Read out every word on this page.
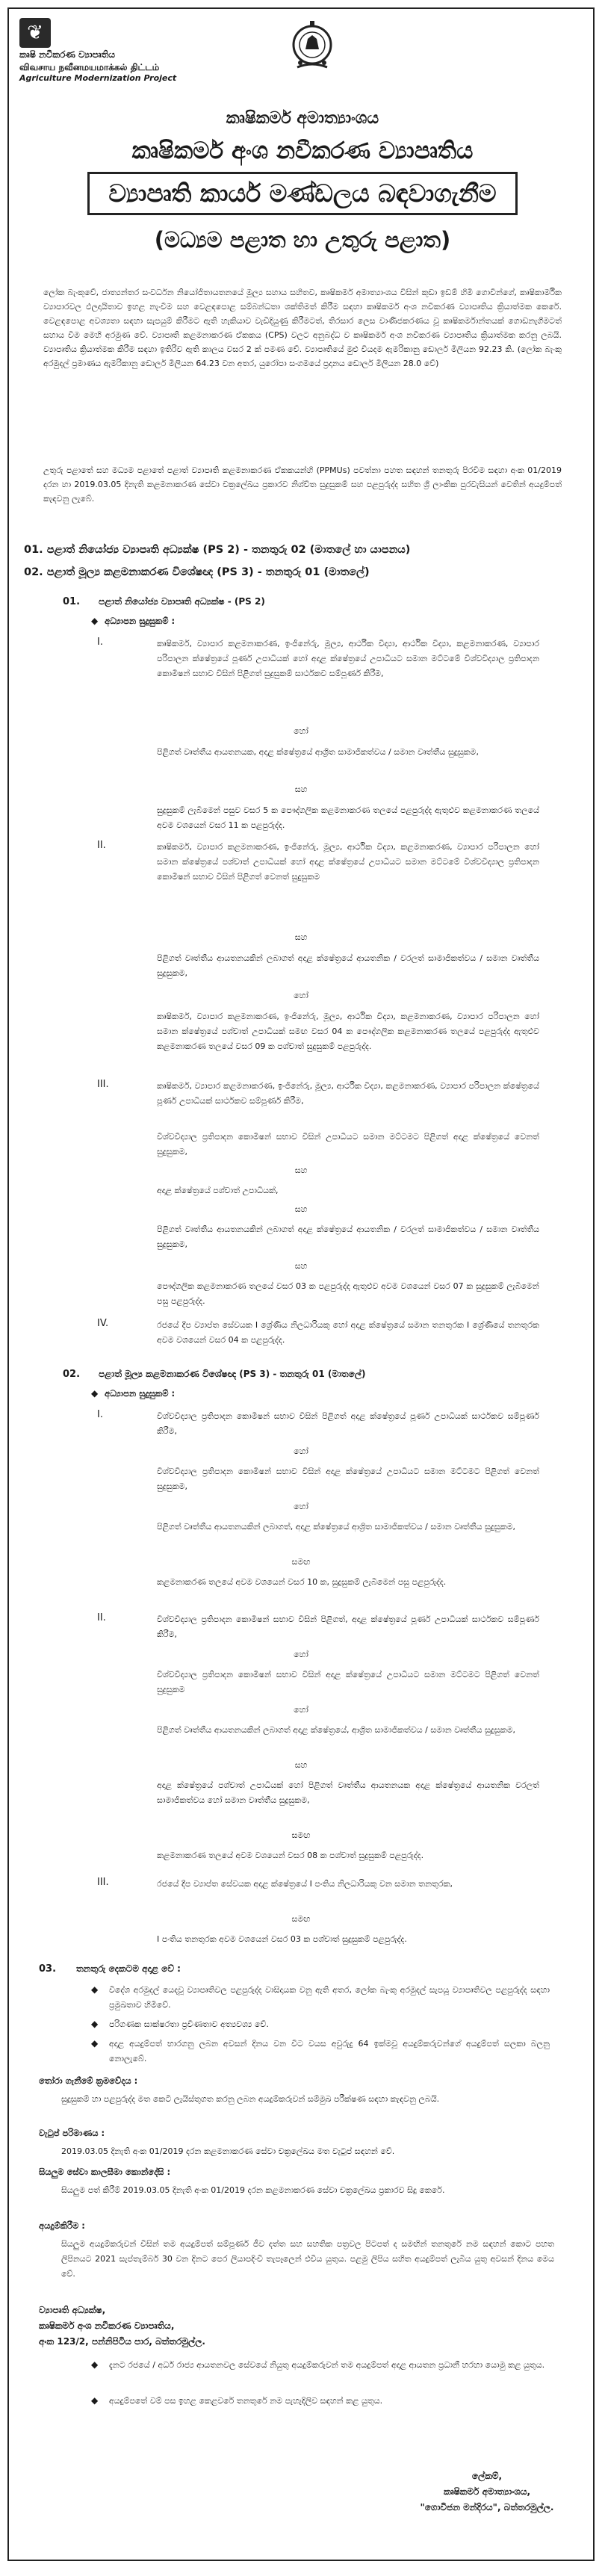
❦
කෘෂි නවීකරණ ව්‍යාපෘතිය
விவசாய நவீனமயமாக்கல் திட்டம்
Agriculture Modernization Project
කෘෂිකර්ම අමාත්‍යාංශය
කෘෂිකර්ම අංශ නවීකරණ ව්‍යාපෘතිය
ව්‍යාපෘති කාර්ය මණ්ඩලය බඳවාගැනීම
(මධ්‍යම පළාත හා උතුරු පළාත)
ලෝක බැංකුවේ, ජාත්‍යන්තර සංවර්ධන නියෝජිතායතනයේ මූල්‍ය සහාය සහිතව, කෘෂිකර්ම අමාත්‍යාංශය විසින් කුඩා ඉඩම් හිමි ගොවීන්ගේ, කෘෂිකාර්මික ව්‍යාපාරවල ඵලදායිතාව ඉහළ නැංවීම සහ වෙළඳපොළ සම්බන්ධතා ශක්තිමත් කිරීම සඳහා කෘෂිකර්ම අංශ නවීකරණ ව්‍යාපෘතිය ක්‍රියාත්මක කෙරේ. වෙළඳපොළ අවශ්‍යතා සඳහා සැපයුම් කිරීමට ඇති හැකියාව වැඩිදියුණු කිරීමටත්, තිරසාර ලෙස වාණිජකරණය වූ කෘෂිකර්මාන්තයක් ගොඩනැගීමටත් සහාය වීම මෙහි අරමුණ වේ. ව්‍යාපෘති කළමනාකරණ ඒකකය (CPS) වලට අනුබද්ධ ව කෘෂිකර්ම අංශ නවීකරණ ව්‍යාපෘතිය ක්‍රියාත්මක කරනු ලබයි. ව්‍යාපෘතිය ක්‍රියාත්මක කිරීම සඳහා ඉතිරිව ඇති කාලය වසර 2 ක් පමණ වේ. ව්‍යාපෘතියේ මුළු වියදම ඇමරිකානු ඩොලර් මිලියන 92.23 කි. (ලෝක බැංකු අරමුදල් ප්‍රමාණය ඇමරිකානු ඩොලර් මිලියන 64.23 වන අතර, යුරෝපා සංගමයේ ප්‍රදානය ඩොලර් මිලියන 28.0 වේ)
උතුරු පළාතේ සහ මධ්‍යම පළාතේ පළාත් ව්‍යාපෘති කළමනාකරණ ඒකකයන්හි (PPMUs) පවත්නා පහත සඳහන් තනතුරු පිරවීම සඳහා අංක 01/2019 දරන හා 2019.03.05 දිනැති කළමනාකරණ සේවා චක්‍රලේඛය ප්‍රකාරව නිශ්චිත සුදුසුකම් සහ පළපුරුද්ද සහිත ශ්‍රී ලාංකික පුරවැසියන් වෙතින් අයදුම්පත් කැඳවනු ලැබේ.
01. පළාත් නියෝජ්‍ය ව්‍යාපෘති අධ්‍යක්ෂ (PS 2) - තනතුරු 02 (මාතලේ හා යාපනය)
02. පළාත් මූල්‍ය කළමනාකරණ විශේෂඥ (PS 3) - තනතුරු 01 (මාතලේ)
01. පළාත් නියෝජ්‍ය ව්‍යාපෘති අධ්‍යක්ෂ - (PS 2)
◆ අධ්‍යාපන සුදුසුකම් :
I.	කෘෂිකර්ම, ව්‍යාපාර කළමනාකරණ, ඉංජිනේරු, මූල්‍ය, ආර්ථික විද්‍යා, ආර්ථික විද්‍යා, කළමනාකරණ, ව්‍යාපාර පරිපාලන ක්ෂේත්‍රයේ පූර්ණ උපාධියක් හෝ අදාළ ක්ෂේත්‍රයේ උපාධියට සමාන මට්ටමේ විශ්වවිද්‍යාල ප්‍රතිපාදන කොමිෂන් සභාව විසින් පිළිගත් සුදුසුකම් සාර්ථකව සම්පූර්ණ කිරීම,
හෝ
පිළිගත් වෘත්තීය ආයතනයක, අදාළ ක්ෂේත්‍රයේ ආශ්‍රිත සාමාජිකත්වය / සමාන වෘත්තීය සුදුසුකම,
සහ
සුදුසුකම් ලැබීමෙන් පසුව වසර 5 ක පෞද්ගලික කළමනාකරණ තලයේ පළපුරුද්ද ඇතුළුව කළමනාකරණ තලයේ අවම වශයෙන් වසර 11 ක පළපුරුද්ද.
II.	කෘෂිකර්ම, ව්‍යාපාර කළමනාකරණ, ඉංජිනේරු, මූල්‍ය, ආර්ථික විද්‍යා, කළමනාකරණ, ව්‍යාපාර පරිපාලන හෝ සමාන ක්ෂේත්‍රයේ පශ්චාත් උපාධියක් හෝ අදාළ ක්ෂේත්‍රයේ උපාධියට සමාන මට්ටමේ විශ්වවිද්‍යාල ප්‍රතිපාදන කොමිෂන් සභාව විසින් පිළිගත් වෙනත් සුදුසුකම
සහ
පිළිගත් වෘත්තීය ආයතනයකින් ලබාගත් අදාළ ක්ෂේත්‍රයේ ආයතනික / වරලත් සාමාජිකත්වය / සමාන වෘත්තීය සුදුසුකම,
හෝ
කෘෂිකර්ම, ව්‍යාපාර කළමනාකරණ, ඉංජිනේරු, මූල්‍ය, ආර්ථික විද්‍යා, කළමනාකරණ, ව්‍යාපාර පරිපාලන හෝ සමාන ක්ෂේත්‍රයේ පශ්චාත් උපාධියක් සමඟ වසර 04 ක පෞද්ගලික කළමනාකරණ තලයේ පළපුරුද්ද ඇතුළුව කළමනාකරණ තලයේ වසර 09 ක පශ්චාත් සුදුසුකම් පළපුරුද්ද.
III.	කෘෂිකර්ම, ව්‍යාපාර කළමනාකරණ, ඉංජිනේරු, මූල්‍ය, ආර්ථික විද්‍යා, කළමනාකරණ, ව්‍යාපාර පරිපාලන ක්ෂේත්‍රයේ පූර්ණ උපාධියක් සාර්ථකව සම්පූර්ණ කිරීම,
විශ්වවිද්‍යාල ප්‍රතිපාදන කොමිෂන් සභාව විසින් උපාධියට සමාන මට්ටමට පිළිගත් අදාළ ක්ෂේත්‍රයේ වෙනත් සුදුසුකම,
සහ
අදාළ ක්ෂේත්‍රයේ පශ්චාත් උපාධියක්,
සහ
පිළිගත් වෘත්තීය ආයතනයකින් ලබාගත් අදාළ ක්ෂේත්‍රයේ ආයතනික / වරලත් සාමාජිකත්වය / සමාන වෘත්තීය සුදුසුකම,
සහ
පෞද්ගලික කළමනාකරණ තලයේ වසර 03 ක පළපුරුද්ද ඇතුළුව අවම වශයෙන් වසර 07 ක සුදුසුකම් ලැබීමෙන් පසු පළපුරුද්ද.
IV.	රජයේ දීප ව්‍යාප්ත සේවයක I ශ්‍රේණිය නිලධාරියකු හෝ අදාළ ක්ෂේත්‍රයේ සමාන තනතුරක I ශ්‍රේණියේ තනතුරක අවම වශයෙන් වසර 04 ක පළපුරුද්ද.
02. පළාත් මූල්‍ය කළමනාකරණ විශේෂඥ (PS 3) - තනතුරු 01 (මාතලේ)
◆ අධ්‍යාපන සුදුසුකම් :
I.	විශ්වවිද්‍යාල ප්‍රතිපාදන කොමිෂන් සභාව විසින් පිළිගත් අදාළ ක්ෂේත්‍රයේ පූර්ණ උපාධියක් සාර්ථකව සම්පූර්ණ කිරීම,
හෝ
විශ්වවිද්‍යාල ප්‍රතිපාදන කොමිෂන් සභාව විසින් අදාළ ක්ෂේත්‍රයේ උපාධියට සමාන මට්ටමට පිළිගත් වෙනත් සුදුසුකම,
හෝ
පිළිගත් වෘත්තීය ආයතනයකින් ලබාගත්, අදාළ ක්ෂේත්‍රයේ ආශ්‍රිත සාමාජිකත්වය / සමාන වෘත්තීය සුදුසුකම,
සමඟ
කළමනාකරණ තලයේ අවම වශයෙන් වසර 10 ක, සුදුසුකම් ලැබීමෙන් පසු පළපුරුද්ද.
II.	විශ්වවිද්‍යාල ප්‍රතිපාදන කොමිෂන් සභාව විසින් පිළිගත්, අදාළ ක්ෂේත්‍රයේ පූර්ණ උපාධියක් සාර්ථකව සම්පූර්ණ කිරීම,
හෝ
විශ්වවිද්‍යාල ප්‍රතිපාදන කොමිෂන් සභාව විසින් අදාළ ක්ෂේත්‍රයේ උපාධියට සමාන මට්ටමට පිළිගත් වෙනත් සුදුසුකම
හෝ
පිළිගත් වෘත්තීය ආයතනයකින් ලබාගත් අදාළ ක්ෂේත්‍රයේ, ආශ්‍රිත සාමාජිකත්වය / සමාන වෘත්තීය සුදුසුකම,
සහ
අදාළ ක්ෂේත්‍රයේ පශ්චාත් උපාධියක් හෝ පිළිගත් වෘත්තීය ආයතනයක අදාළ ක්ෂේත්‍රයේ ආයතනික වරලත් සාමාජිකත්වය හෝ සමාන වෘත්තීය සුදුසුකම,
සමඟ
කළමනාකරණ තලයේ අවම වශයෙන් වසර 08 ක පශ්චාත් සුදුසුකම් පළපුරුද්ද.
III.	රජයේ දීප ව්‍යාප්ත සේවයක අදාළ ක්ෂේත්‍රයේ I පංතිය නිලධාරියකු වන සමාන තනතුරක,
සමඟ
I පංතිය තනතුරක අවම වශයෙන් වසර 03 ක පශ්චාත් සුදුසුකම් පළපුරුද්ද.
03. තනතුරු දෙකටම අදාළ වේ :
◆ විදේශ අරමුදල් යෙදවූ ව්‍යාපෘතිවල පළපුරුද්ද වාසිදායක වනු ඇති අතර, ලෝක බැංකු අරමුදල් සැපයූ ව්‍යාපෘතිවල පළපුරුද්ද සඳහා ප්‍රමුඛතාව හිමිවේ.
◆ පරිගණක සාක්ෂරතා ප්‍රවීණතාව අත්‍යවශ්‍ය වේ.
◆ අදාළ අයදුම්පත් භාරගනු ලබන අවසන් දිනය වන විට වයස අවුරුදු 64 ඉක්මවූ අයදුම්කරුවන්ගේ අයදුම්පත් සලකා බලනු නොලැබේ.
තෝරා ගැනීමේ ක්‍රමවේදය :
සුදුසුකම් හා පළපුරුද්ද මත කෙටි ලැයිස්තුගත කරනු ලබන අයදුම්කරුවන් සම්මුඛ පරීක්ෂණ සඳහා කැඳවනු ලබයි.
වැටුප් පරිමාණය :
2019.03.05 දිනැති අංක 01/2019 දරන කළමනාකරණ සේවා චක්‍රලේඛය මත වැටුප් සඳහන් වේ.
සියලුම සේවා කාලසීමා කොන්දේසි :
සියලුම පත් කිරීම් 2019.03.05 දිනැති අංක 01/2019 දරන කළමනාකරණ සේවා චක්‍රලේඛය ප්‍රකාරව සිදු කෙරේ.
අයදුම්කිරීම :
සියලුම අයදුම්කරුවන් විසින් තම අයදුම්පත් සම්පූර්ණ ජීව දත්ත සහ සහතික පත්‍රවල පිටපත් ද සමඟින් තනතුරේ නම සඳහන් කොට පහත ලිපිනයට 2021 සැප්තැම්බර් 30 වන දිනට පෙර ලියාපදිංචි තැපෑලෙන් එවිය යුතුය. පළමු ලිපිය සහිත අයදුම්පත් ලැබිය යුතු අවසන් දිනය මෙය වේ.
ව්‍යාපෘති අධ්‍යක්ෂ,
කෘෂිකර්ම අංශ නවීකරණ ව්‍යාපෘතිය,
අංක 123/2, පන්නිපිටිය පාර, බත්තරමුල්ල.
◆ දැනට රජයේ / අර්ධ රාජ්‍ය ආයතනවල සේවයේ නියුතු අයදුම්කරුවන් තම අයදුම්පත් අදාළ ආයතන ප්‍රධානී හරහා යොමු කළ යුතුය.
◆ අයදුම්පතේ වම් පස ඉහළ කෙළවරේ තනතුරේ නම පැහැදිලිව සඳහන් කළ යුතුය.
ලේකම්,
කෘෂිකර්ම අමාත්‍යාංශය,
"ගොවිජන මන්දිරය", බත්තරමුල්ල.
